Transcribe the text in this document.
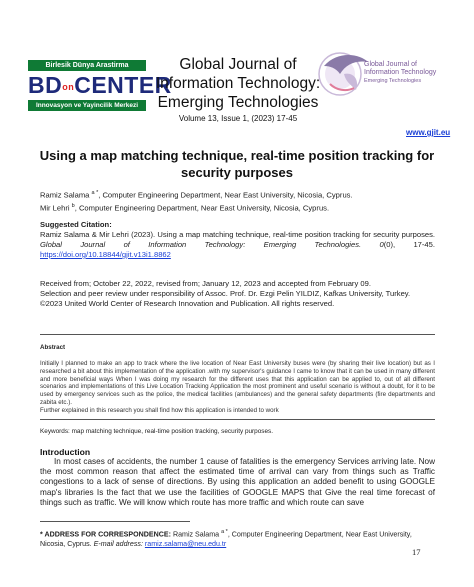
Birlesik Dünya Arastirma
BDonCENTER
Innovasyon ve Yayincilik Merkezi
Global Journal of
Information Technology:
Emerging Technologies
Volume 13, Issue 1, (2023) 17-45
Global Journal of
Information Technology
Emerging Technologies
www.gjit.eu
Using a map matching technique, real-time position tracking for
security purposes
Ramiz Salama $^{a *}$, Computer Engineering Department, Near East University, Nicosia, Cyprus.
Mir Lehri $^b$, Computer Engineering Department, Near East University, Nicosia, Cyprus.
Suggested Citation:
Ramiz Salama & Mir Lehri (2023). Using a map matching technique, real-time position tracking for security purposes. Global Journal of Information Technology: Emerging Technologies. 0(0), 17-45. https://doi.org/10.18844/gjit.v13i1.8862
Received from; October 22, 2022, revised from; January 12, 2023 and accepted from February 09.
Selection and peer review under responsibility of Assoc. Prof. Dr. Ezgi Pelin YILDIZ, Kafkas University, Turkey.
©2023 United World Center of Research Innovation and Publication. All rights reserved.
Abstract
Initially I planned to make an app to track where the live location of Near East University buses were (by sharing their live location) but as I researched a bit about this implementation of the application .with my supervisor's guidance I came to know that it can be used in many different and more beneficial ways When I was doing my research for the different uses that this application can be applied to, out of all different scenarios and implementations of this Live Location Tracking Application the most prominent and useful scenario is without a doubt, for it to be used by emergency services such as the police, the medical facilities (ambulances) and the general safety departments (fire departments and zabita etc.).
Further explained in this research you shall find how this application is intended to work
Keywords: map matching technique, real-time position tracking, security purposes.
Introduction
In most cases of accidents, the number 1 cause of fatalities is the emergency Services arriving late. Now the most common reason that affect the estimated time of arrival can vary from things such as Traffic congestions to a lack of sense of directions. By using this application an added benefit to using GOOGLE map's libraries Is the fact that we use the facilities of GOOGLE MAPS that Give the real time forecast of things such as traffic. We will know which route has more traffic and which route can save
* ADDRESS FOR CORRESPONDENCE: Ramiz Salama $^{a *}$, Computer Engineering Department, Near East University,
Nicosia, Cyprus. E-mail address: ramiz.salama@neu.edu.tr
17
